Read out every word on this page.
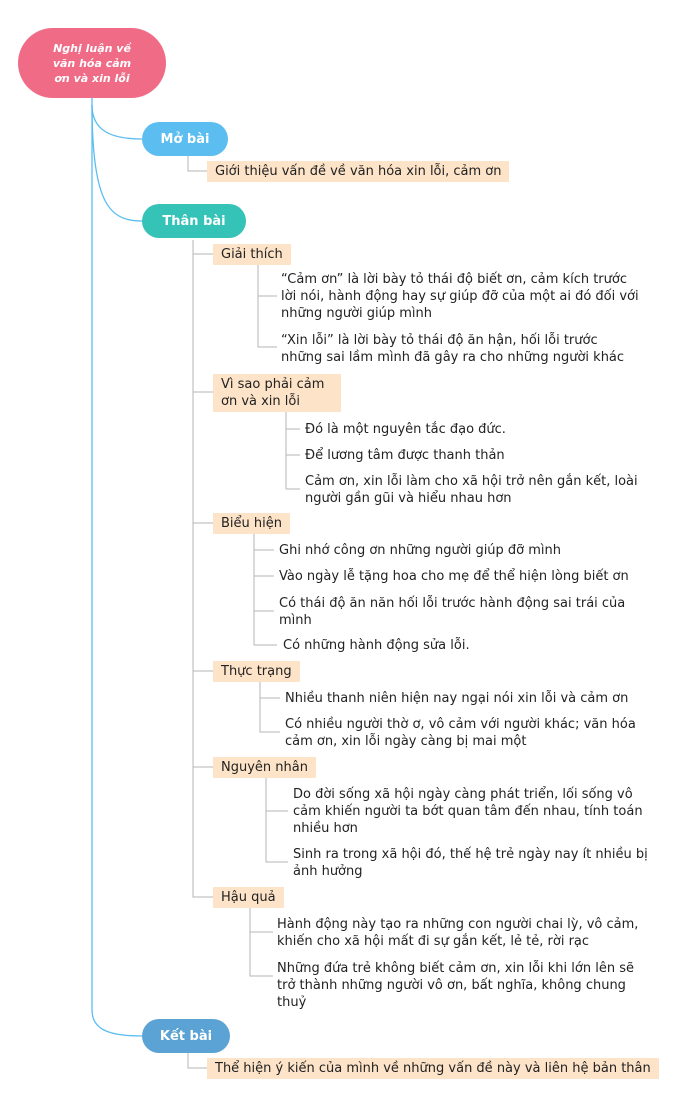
Nghị luận về văn hóa cảm ơn và xin lỗi
Mở bài
Giới thiệu vấn đề về văn hóa xin lỗi, cảm ơn
Thân bài
Giải thích
“Cảm ơn” là lời bày tỏ thái độ biết ơn, cảm kích trước lời nói, hành động hay sự giúp đỡ của một ai đó đối với những người giúp mình
“Xin lỗi” là lời bày tỏ thái độ ăn hận, hối lỗi trước những sai lầm mình đã gây ra cho những người khác
Vì sao phải cảm ơn và xin lỗi
Đó là một nguyên tắc đạo đức.
Để lương tâm được thanh thản
Cảm ơn, xin lỗi làm cho xã hội trở nên gắn kết, loài người gần gũi và hiểu nhau hơn
Biểu hiện
Ghi nhớ công ơn những người giúp đỡ mình
Vào ngày lễ tặng hoa cho mẹ để thể hiện lòng biết ơn
Có thái độ ăn năn hối lỗi trước hành động sai trái của mình
Có những hành động sửa lỗi.
Thực trạng
Nhiều thanh niên hiện nay ngại nói xin lỗi và cảm ơn
Có nhiều người thờ ơ, vô cảm với người khác; văn hóa cảm ơn, xin lỗi ngày càng bị mai một
Nguyên nhân
Do đời sống xã hội ngày càng phát triển, lối sống vô cảm khiến người ta bớt quan tâm đến nhau, tính toán nhiều hơn
Sinh ra trong xã hội đó, thế hệ trẻ ngày nay ít nhiều bị ảnh hưởng
Hậu quả
Hành động này tạo ra những con người chai lỳ, vô cảm, khiến cho xã hội mất đi sự gắn kết, lẻ tẻ, rời rạc
Những đứa trẻ không biết cảm ơn, xin lỗi khi lớn lên sẽ trở thành những người vô ơn, bất nghĩa, không chung thuỷ
Kết bài
Thể hiện ý kiến của mình về những vấn đề này và liên hệ bản thân
